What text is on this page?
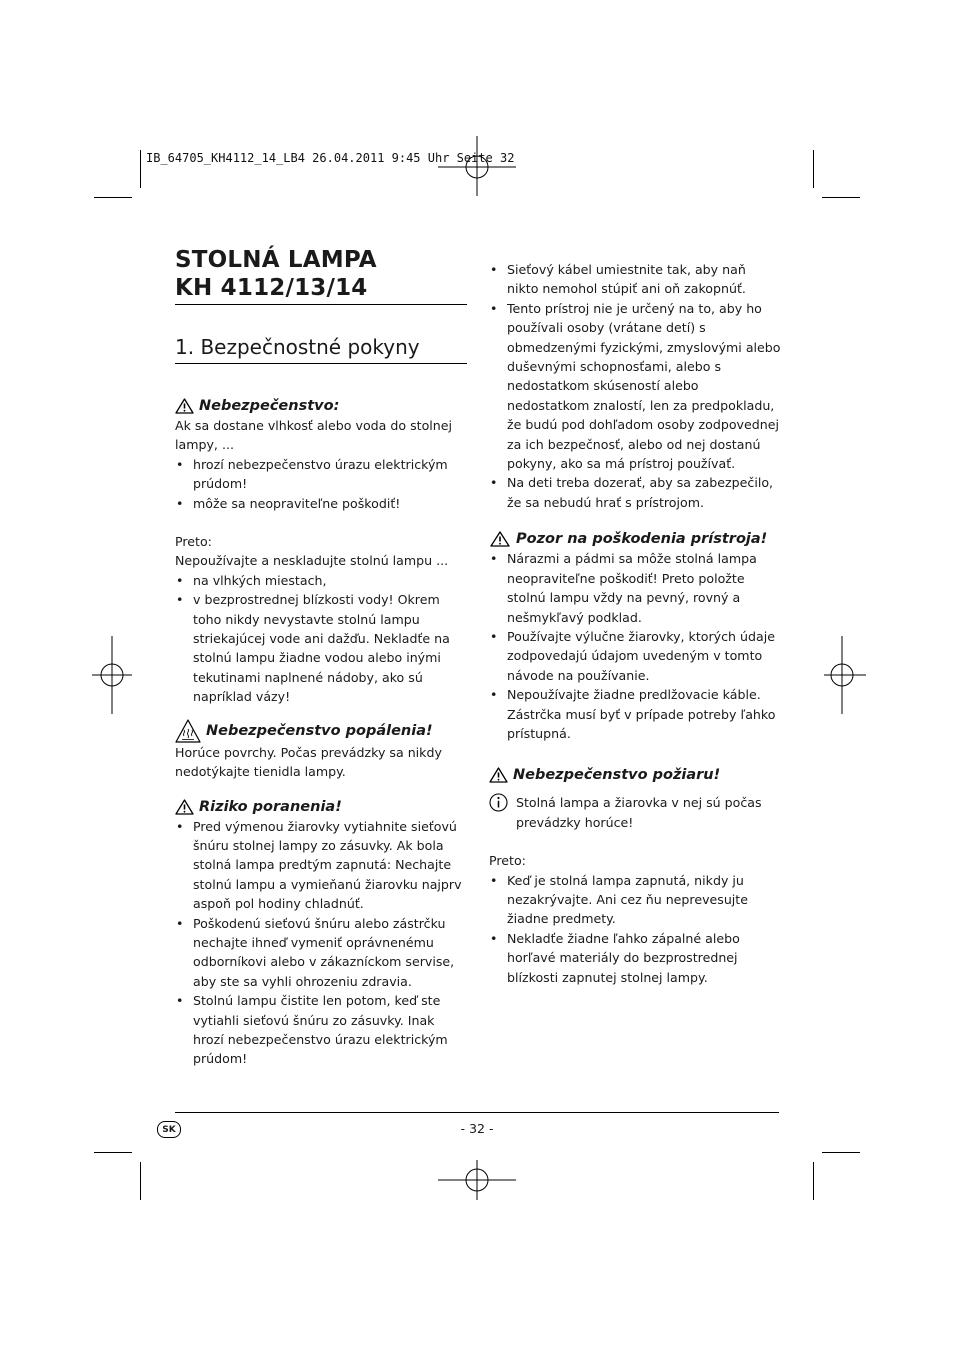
IB_64705_KH4112_14_LB4 26.04.2011 9:45 Uhr Seite 32
STOLNÁ LAMPA
KH 4112/13/14
1. Bezpečnostné pokyny
Nebezpečenstvo:

Ak sa dostane vlhkosť alebo voda do stolnej lampy, ...

• hrozí nebezpečenstvo úrazu elektrickým prúdom!
• môže sa neopraviteľne poškodiť!

Preto:

Nepoužívajte a neskladujte stolnú lampu ...

• na vlhkých miestach,
• v bezprostrednej blízkosti vody! Okrem toho nikdy nevystavte stolnú lampu striekajúcej vode ani dažďu. Nekladťe na stolnú lampu žiadne vodou alebo inými tekutinami naplnené nádoby, ako sú napríklad vázy!
Nebezpečenstvo popálenia!

Horúce povrchy. Počas prevádzky sa nikdy nedotýkajte tienidla lampy.

Riziko poranenia!
• Pred výmenou žiarovky vytiahnite sieťovú šnúru stolnej lampy zo zásuvky. Ak bola stolná lampa predtým zapnutá: Nechajte stolnú lampu a vymieňanú žiarovku najprv aspoň pol hodiny chladnúť.
• Poškodenú sieťovú šnúru alebo zástrčku nechajte ihneď vymeniť oprávnenému odborníkovi alebo v zákazníckom servise, aby ste sa vyhli ohrozeniu zdravia.
• Stolnú lampu čistite len potom, keď ste vytiahli sieťovú šnúru zo zásuvky. Inak hrozí nebezpečenstvo úrazu elektrickým prúdom!
• Sieťový kábel umiestnite tak, aby naň nikto nemohol stúpiť ani oň zakopnúť.
• Tento prístroj nie je určený na to, aby ho používali osoby (vrátane detí) s obmedzenými fyzickými, zmyslovými alebo duševnými schopnosťami, alebo s nedostatkom skúseností alebo nedostatkom znalostí, len za predpokladu, že budú pod dohľadom osoby zodpovednej za ich bezpečnosť, alebo od nej dostanú pokyny, ako sa má prístroj používať.
• Na deti treba dozerať, aby sa zabezpečilo, že sa nebudú hrať s prístrojom.
Pozor na poškodenia prístroja!
• Nárazmi a pádmi sa môže stolná lampa neopraviteľne poškodiť! Preto položte stolnú lampu vždy na pevný, rovný a nešmykľavý podklad.
• Používajte výlučne žiarovky, ktorých údaje zodpovedajú údajom uvedeným v tomto návode na používanie.
• Nepoužívajte žiadne predlžovacie káble. Zástrčka musí byť v prípade potreby ľahko prístupná.
Nebezpečenstvo požiaru!

Stolná lampa a žiarovka v nej sú počas prevádzky horúce!

Preto:

• Keď je stolná lampa zapnutá, nikdy ju nezakrývajte. Ani cez ňu neprevesujte žiadne predmety.
• Nekladťe žiadne ľahko zápalné alebo horľavé materiály do bezprostrednej blízkosti zapnutej stolnej lampy.
SK	- 32 -
